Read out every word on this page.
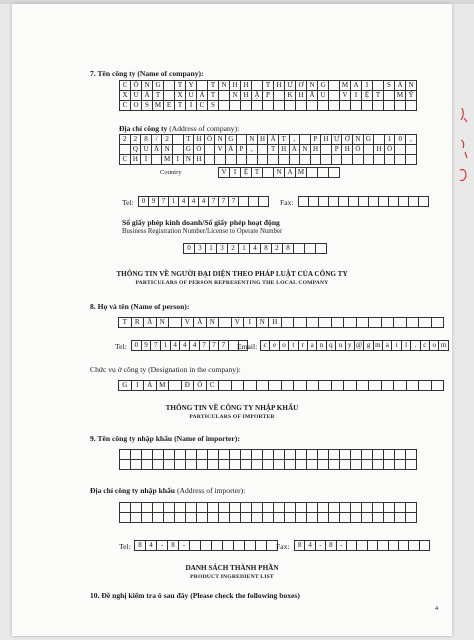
7. Tên công ty (Name of company):
C Ô N G	T Y	T N H H	T H Ư Ơ N G	M A	I	S Ả N
X U Ấ T	X U Ấ T	N H Ậ P	K H Ẩ U	V	I	Ệ T	M Ỹ
C O S M E T	I	C S
Địa chỉ công ty (Address of company):
2	2	8	/	2	T H Ố N G	N H Ấ T	,	P H Ư Ờ N G	1	0	,
Q U Ậ N	G Ò	V Ấ P	,	T H À N H	P H Ố	H Ồ
C H Í	M I N H
Country	V	I	Ệ T	N A M
Tel:	0 9 7 1 4 4 4 7 7 7	Fax:
Số giấy phép kinh doanh/Số giấy phép hoạt động
Business Registration Number/License to Operate Number
0	3	1	3	2	1	4	8	2	8
THÔNG TIN VỀ NGƯỜI ĐẠI DIỆN THEO PHÁP LUẬT CỦA CÔNG TY
PARTICULARS OF PERSON REPRESENTING THE LOCAL COMPANY
8. Họ và tên (Name of person):
T	R	Ầ	N	V	Ă	N	V	I	N	H
Tel:	0 9 7 1 4 4 4 7 7 7	Email: c e o t	r a n q u y @ g m a i	l	. c o m
Chức vụ ở công ty (Designation in the company):
G	I	Á M	Đ	Ố	C
THÔNG TIN VỀ CÔNG TY NHẬP KHẨU
PARTICULARS OF IMPORTER
9. Tên công ty nhập khẩu (Name of importer):
Địa chỉ công ty nhập khẩu (Address of importer):
Tel:	8	4	-	8	-	Fax:	8 4	-	8	-
DANH SÁCH THÀNH PHẦN
PRODUCT INGREDIENT LIST
10. Đề nghị kiểm tra ô sau đây (Please check the following boxes)
4
